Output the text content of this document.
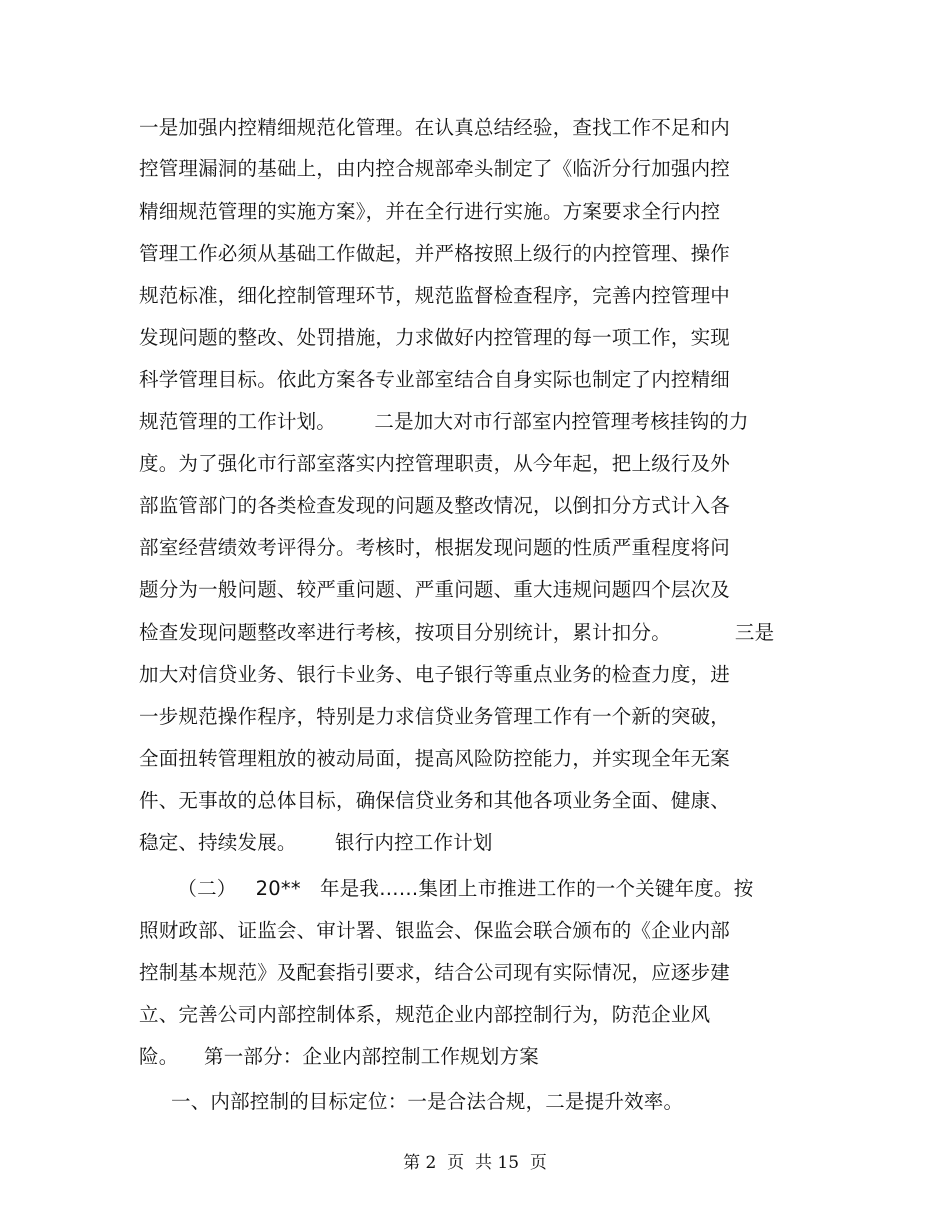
一是加强内控精细规范化管理。在认真总结经验，查找工作不足和内
控管理漏洞的基础上，由内控合规部牵头制定了《临沂分行加强内控
精细规范管理的实施方案》，并在全行进行实施。方案要求全行内控
管理工作必须从基础工作做起，并严格按照上级行的内控管理、操作
规范标准，细化控制管理环节，规范监督检查程序，完善内控管理中
发现问题的整改、处罚措施，力求做好内控管理的每一项工作，实现
科学管理目标。依此方案各专业部室结合自身实际也制定了内控精细
规范管理的工作计划。      二是加大对市行部室内控管理考核挂钩的力
度。为了强化市行部室落实内控管理职责，从今年起，把上级行及外
部监管部门的各类检查发现的问题及整改情况，以倒扣分方式计入各
部室经营绩效考评得分。考核时，根据发现问题的性质严重程度将问
题分为一般问题、较严重问题、严重问题、重大违规问题四个层次及
检查发现问题整改率进行考核，按项目分别统计，累计扣分。          三是
加大对信贷业务、银行卡业务、电子银行等重点业务的检查力度，进
一步规范操作程序，特别是力求信贷业务管理工作有一个新的突破，
全面扭转管理粗放的被动局面，提高风险防控能力，并实现全年无案
件、无事故的总体目标，确保信贷业务和其他各项业务全面、健康、
稳定、持续发展。      银行内控工作计划
（二）   20**   年是我……集团上市推进工作的一个关键年度。按
照财政部、证监会、审计署、银监会、保监会联合颁布的《企业内部
控制基本规范》及配套指引要求，结合公司现有实际情况，应逐步建
立、完善公司内部控制体系，规范企业内部控制行为，防范企业风
险。    第一部分：企业内部控制工作规划方案
一、内部控制的目标定位：一是合法合规，二是提升效率。
第 2  页  共 15  页
